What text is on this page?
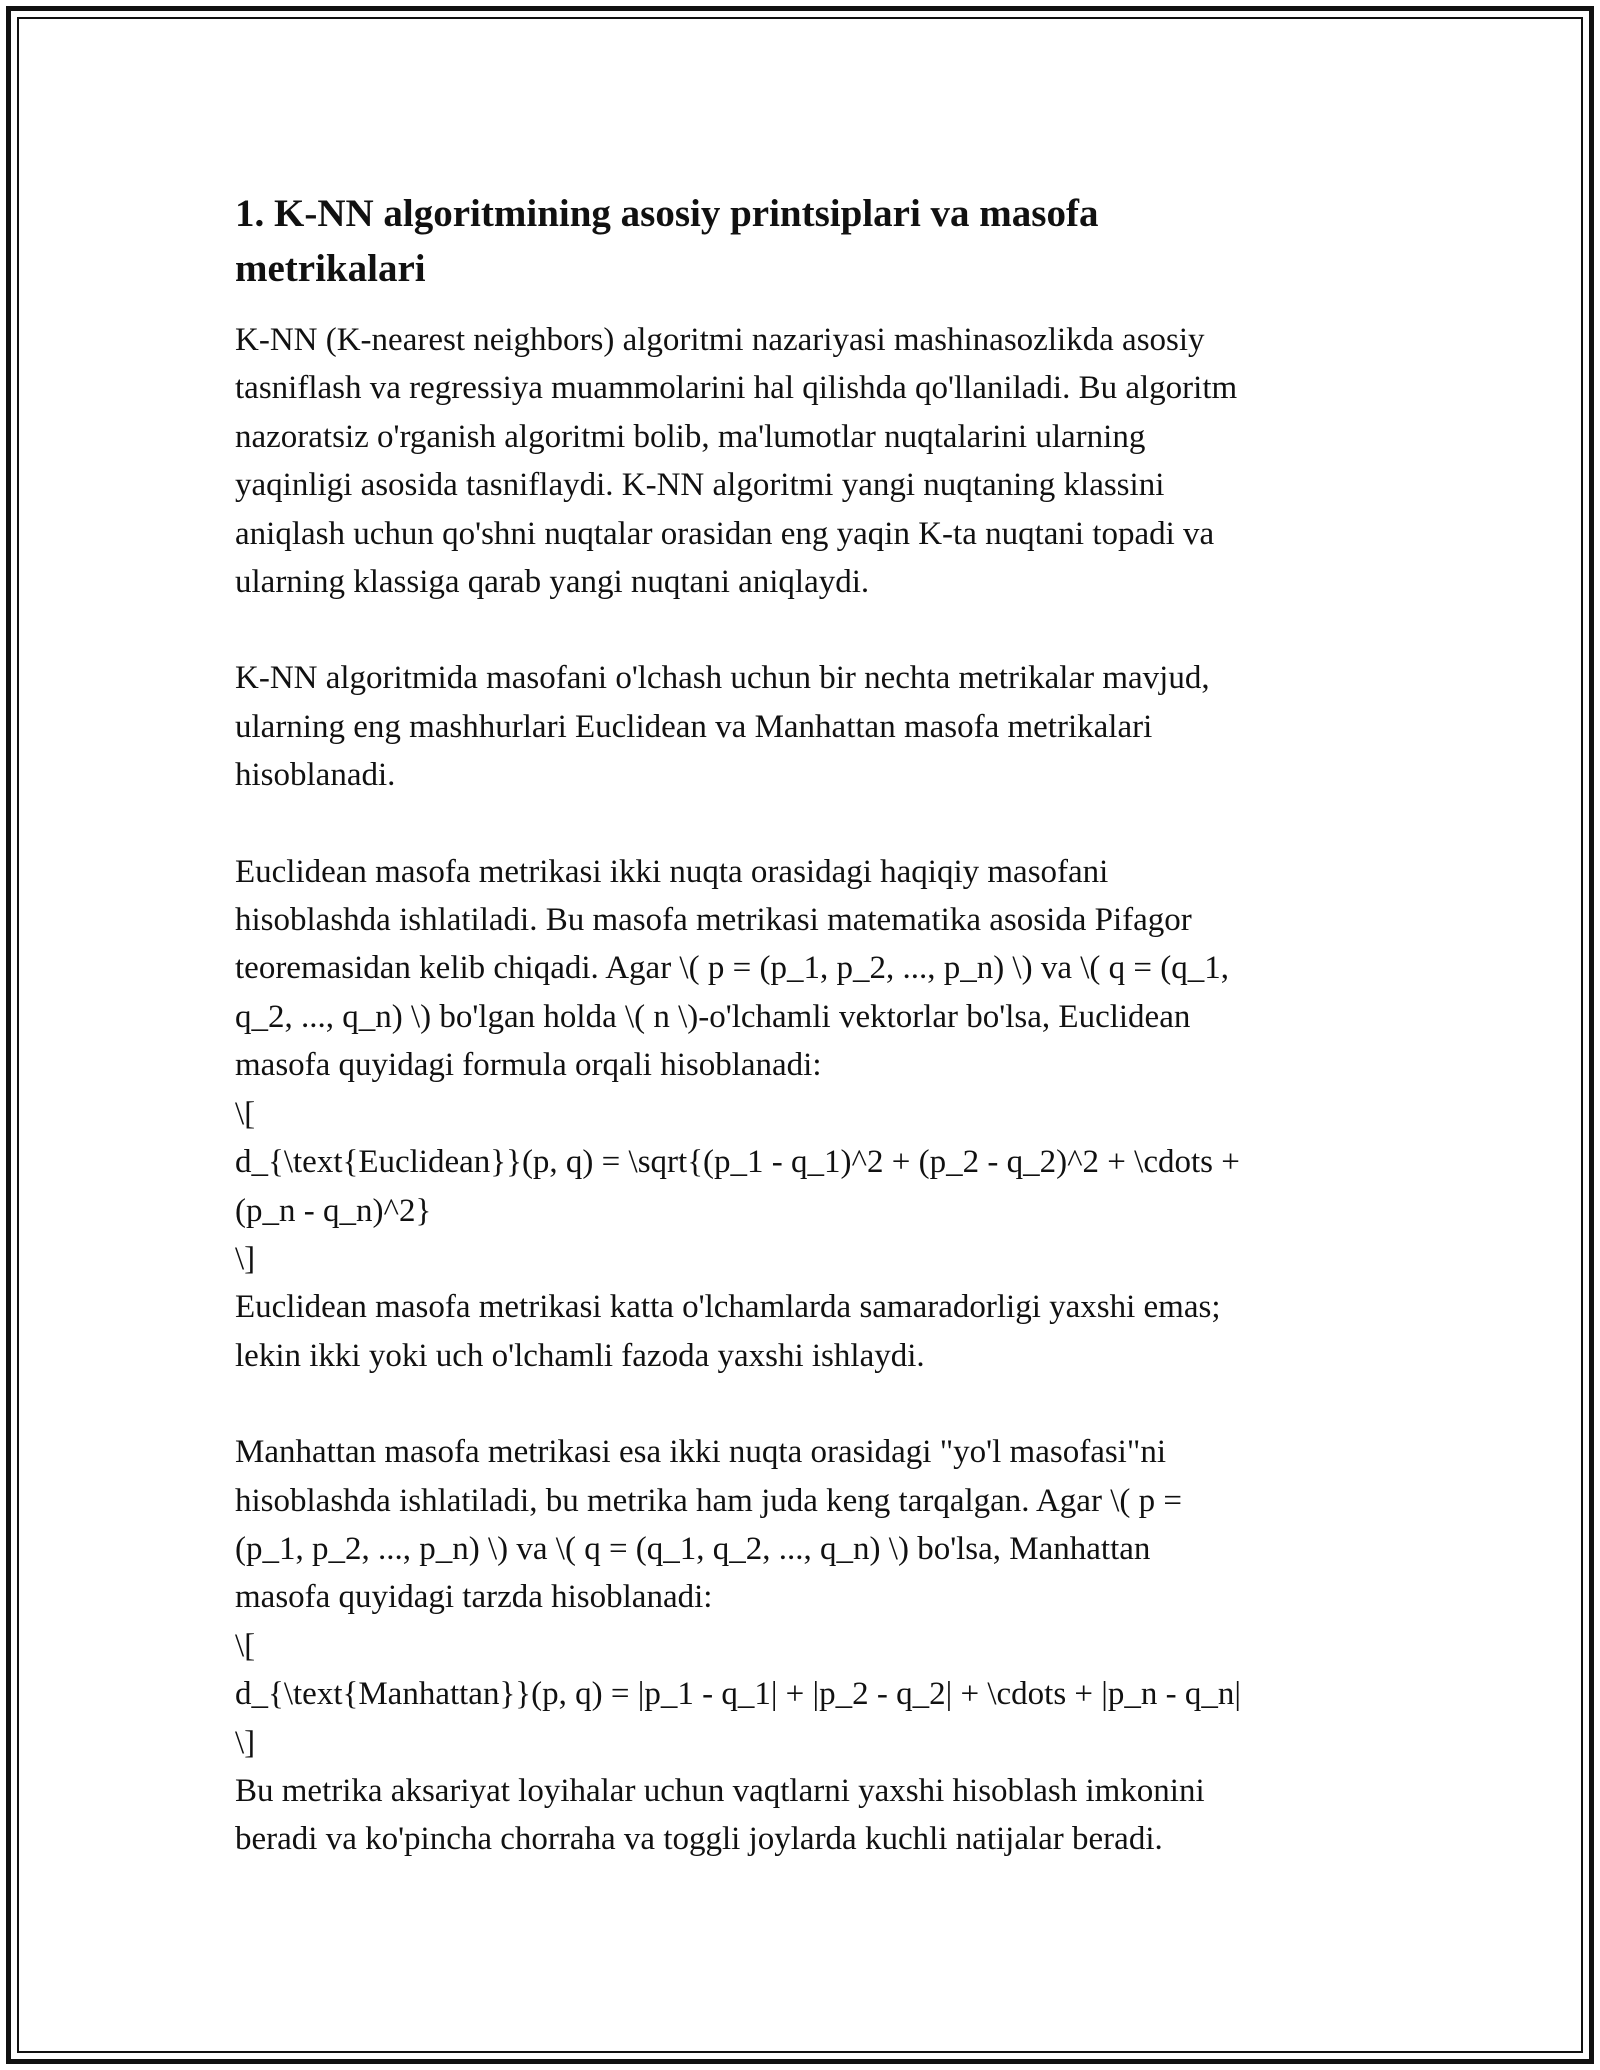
1. K-NN algoritmining asosiy printsiplari va masofa
metrikalari

K-NN (K-nearest neighbors) algoritmi nazariyasi mashinasozlikda asosiy
tasniflash va regressiya muammolarini hal qilishda qo'llaniladi. Bu algoritm
nazoratsiz o'rganish algoritmi bolib, ma'lumotlar nuqtalarini ularning
yaqinligi asosida tasniflaydi. K-NN algoritmi yangi nuqtaning klassini
aniqlash uchun qo'shni nuqtalar orasidan eng yaqin K-ta nuqtani topadi va
ularning klassiga qarab yangi nuqtani aniqlaydi.

K-NN algoritmida masofani o'lchash uchun bir nechta metrikalar mavjud,
ularning eng mashhurlari Euclidean va Manhattan masofa metrikalari
hisoblanadi.

Euclidean masofa metrikasi ikki nuqta orasidagi haqiqiy masofani
hisoblashda ishlatiladi. Bu masofa metrikasi matematika asosida Pifagor
teoremasidan kelib chiqadi. Agar \( p = (p_1, p_2, ..., p_n) \) va \( q = (q_1,
q_2, ..., q_n) \) bo'lgan holda \( n \)-o'lchamli vektorlar bo'lsa, Euclidean
masofa quyidagi formula orqali hisoblanadi:
\[
d_{\text{Euclidean}}(p, q) = \sqrt{(p_1 - q_1)^2 + (p_2 - q_2)^2 + \cdots +
(p_n - q_n)^2}
\]
Euclidean masofa metrikasi katta o'lchamlarda samaradorligi yaxshi emas;
lekin ikki yoki uch o'lchamli fazoda yaxshi ishlaydi.

Manhattan masofa metrikasi esa ikki nuqta orasidagi "yo'l masofasi"ni
hisoblashda ishlatiladi, bu metrika ham juda keng tarqalgan. Agar \( p =
(p_1, p_2, ..., p_n) \) va \( q = (q_1, q_2, ..., q_n) \) bo'lsa, Manhattan
masofa quyidagi tarzda hisoblanadi:
\[
d_{\text{Manhattan}}(p, q) = |p_1 - q_1| + |p_2 - q_2| + \cdots + |p_n - q_n|
\]
Bu metrika aksariyat loyihalar uchun vaqtlarni yaxshi hisoblash imkonini
beradi va ko'pincha chorraha va toggli joylarda kuchli natijalar beradi.
